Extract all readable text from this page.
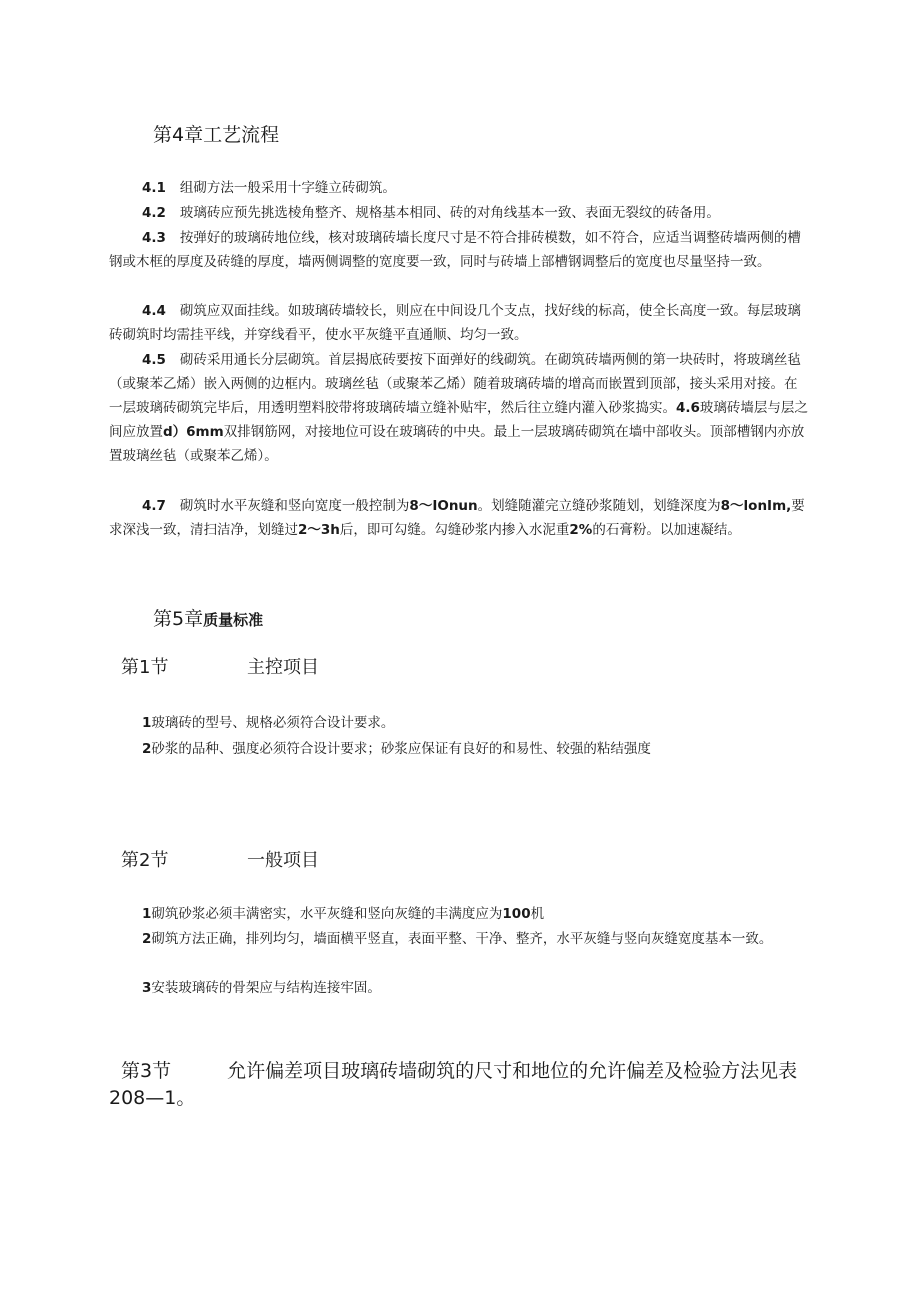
第4章工艺流程
4.1 组砌方法一般采用十字缝立砖砌筑。
4.2 玻璃砖应预先挑选棱角整齐、规格基本相同、砖的对角线基本一致、表面无裂纹的砖备用。
4.3 按弹好的玻璃砖地位线，核对玻璃砖墙长度尺寸是不符合排砖模数，如不符合，应适当调整砖墙两侧的槽钢或木框的厚度及砖缝的厚度，墙两侧调整的宽度要一致，同时与砖墙上部槽钢调整后的宽度也尽量坚持一致。
4.4 砌筑应双面挂线。如玻璃砖墙较长，则应在中间设几个支点，找好线的标高，使全长高度一致。每层玻璃砖砌筑时均需挂平线，并穿线看平，使水平灰缝平直通顺、均匀一致。
4.5 砌砖采用通长分层砌筑。首层揭底砖要按下面弹好的线砌筑。在砌筑砖墙两侧的第一块砖时，将玻璃丝毡（或聚苯乙烯）嵌入两侧的边框内。玻璃丝毡（或聚苯乙烯）随着玻璃砖墙的增高而嵌置到顶部，接头采用对接。在一层玻璃砖砌筑完毕后，用透明塑料胶带将玻璃砖墙立缝补贴牢，然后往立缝内灌入砂浆捣实。4.6玻璃砖墙层与层之间应放置d）6mm双排钢筋网，对接地位可设在玻璃砖的中央。最上一层玻璃砖砌筑在墙中部收头。顶部槽钢内亦放置玻璃丝毡（或聚苯乙烯）。
4.7 砌筑时水平灰缝和竖向宽度一般控制为8〜IOnun。划缝随灌完立缝砂浆随划，划缝深度为8〜lonIm,要求深浅一致，清扫洁净，划缝过2〜3h后，即可勾缝。勾缝砂浆内掺入水泥重2%的石膏粉。以加速凝结。
第5章质量标准
第1节	主控项目
1玻璃砖的型号、规格必须符合设计要求。
2砂浆的品种、强度必须符合设计要求；砂浆应保证有良好的和易性、较强的粘结强度
第2节	一般项目
1砌筑砂浆必须丰满密实，水平灰缝和竖向灰缝的丰满度应为100机
2砌筑方法正确，排列均匀，墙面横平竖直，表面平整、干净、整齐，水平灰缝与竖向灰缝宽度基本一致。
3安装玻璃砖的骨架应与结构连接牢固。
第3节	允许偏差项目玻璃砖墙砌筑的尺寸和地位的允许偏差及检验方法见表208—1。
